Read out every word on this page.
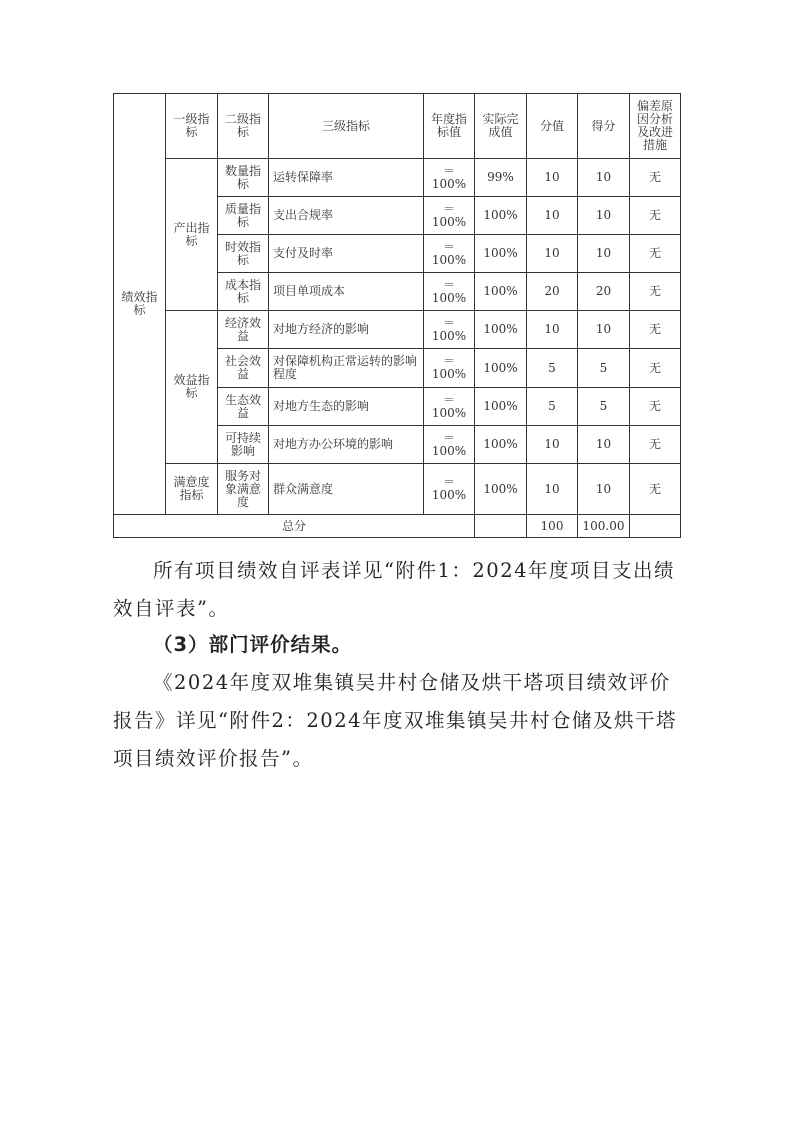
绩效指标	一级指标	二级指标	三级指标	年度指标值	实际完成值	分值	得分	偏差原因分析及改进措施
	产出指标	数量指标	运转保障率	＝100%	99%	10	10	无
		质量指标	支出合规率	＝100%	100%	10	10	无
		时效指标	支付及时率	＝100%	100%	10	10	无
		成本指标	项目单项成本	＝100%	100%	20	20	无
	效益指标	经济效益	对地方经济的影响	＝100%	100%	10	10	无
		社会效益	对保障机构正常运转的影响程度	＝100%	100%	5	5	无
		生态效益	对地方生态的影响	＝100%	100%	5	5	无
		可持续影响	对地方办公环境的影响	＝100%	100%	10	10	无
	满意度指标	服务对象满意度	群众满意度	＝100%	100%	10	10	无
总分						100	100.00	
所有项目绩效自评表详见“附件1：2024年度项目支出绩
效自评表”。
（3）部门评价结果。
《2024年度双堆集镇吴井村仓储及烘干塔项目绩效评价
报告》详见“附件2：2024年度双堆集镇吴井村仓储及烘干塔
项目绩效评价报告”。
